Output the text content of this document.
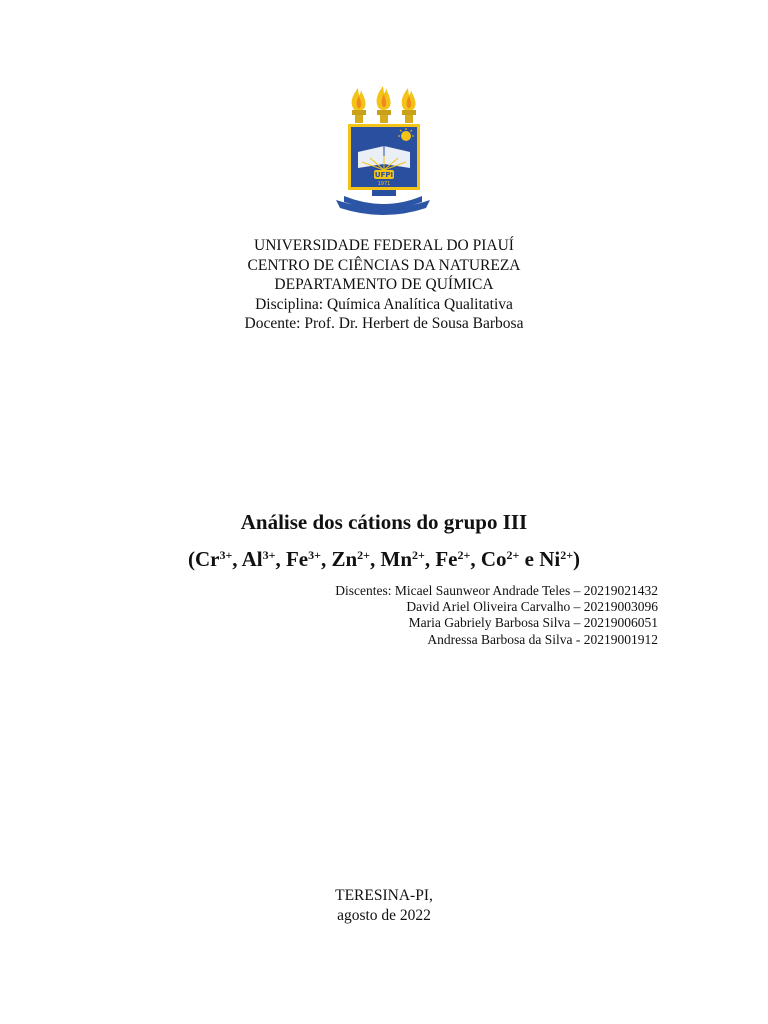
UFPI
1971
UNIVERSIDADE FEDERAL DO PIAUÍ
CENTRO DE CIÊNCIAS DA NATUREZA
DEPARTAMENTO DE QUÍMICA
Disciplina: Química Analítica Qualitativa
Docente: Prof. Dr. Herbert de Sousa Barbosa
Análise dos cátions do grupo III
($Cr^{3+}$, $Al^{3+}$, $Fe^{3+}$, $Zn^{2+}$, $Mn^{2+}$, $Fe^{2+}$, $Co^{2+}$ e $Ni^{2+}$)
Discentes: Micael Saunweor Andrade Teles – 20219021432
David Ariel Oliveira Carvalho – 20219003096
Maria Gabriely Barbosa Silva – 20219006051
Andressa Barbosa da Silva - 20219001912
TERESINA-PI,
agosto de 2022
